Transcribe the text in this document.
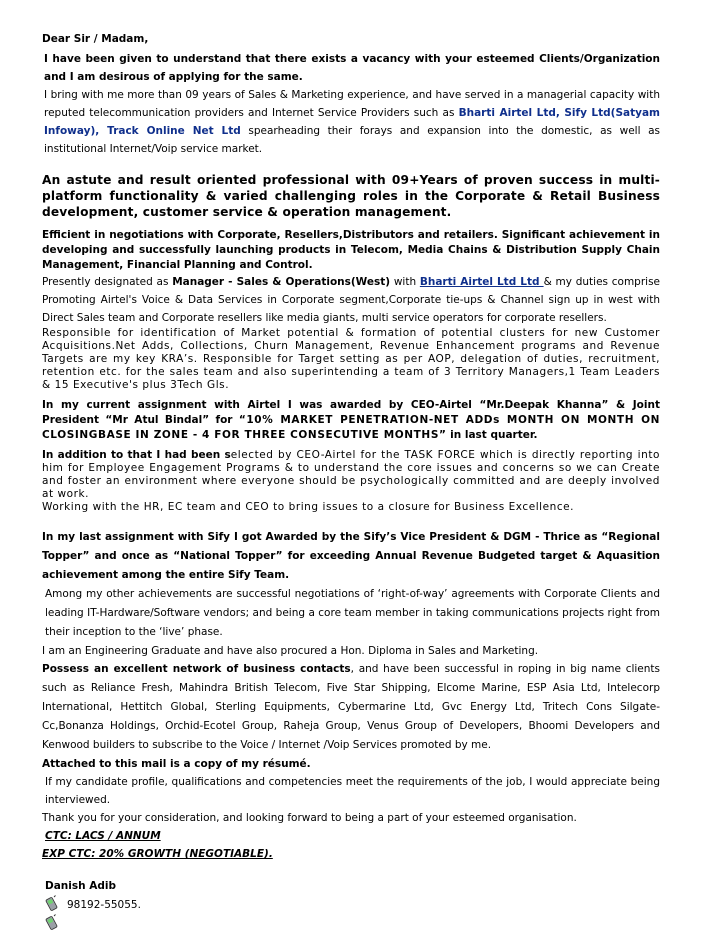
Dear Sir / Madam,

I have been given to understand that there exists a vacancy with your esteemed Clients/Organization and I am desirous of applying for the same.

I bring with me more than 09 years of Sales & Marketing experience, and have served in a managerial capacity with reputed telecommunication providers and Internet Service Providers such as Bharti Airtel Ltd, Sify Ltd(Satyam Infoway), Track Online Net Ltd spearheading their forays and expansion into the domestic, as well as institutional Internet/Voip service market.

An astute and result oriented professional with 09+Years of proven success in multi-platform functionality & varied challenging roles in the Corporate & Retail Business development, customer service & operation management.

Efficient in negotiations with Corporate, Resellers,Distributors and retailers. Significant achievement in developing and successfully launching products in Telecom, Media Chains & Distribution Supply Chain Management, Financial Planning and Control.

Presently designated as Manager - Sales & Operations(West) with Bharti Airtel Ltd Ltd & my duties comprise Promoting Airtel's Voice & Data Services in Corporate segment,Corporate tie-ups & Channel sign up in west with Direct Sales team and Corporate resellers like media giants, multi service operators for corporate resellers.

Responsible for identification of Market potential & formation of potential clusters for new Customer Acquisitions.Net Adds, Collections, Churn Management, Revenue Enhancement programs and Revenue Targets are my key KRA’s. Responsible for Target setting as per AOP, delegation of duties, recruitment, retention etc. for the sales team and also superintending a team of 3 Territory Managers,1 Team Leaders & 15 Executive's plus 3Tech Gls.

In my current assignment with Airtel I was awarded by CEO-Airtel “Mr.Deepak Khanna” & Joint President “Mr Atul Bindal” for “10% MARKET PENETRATION-NET ADDs MONTH ON MONTH ON CLOSINGBASE IN ZONE - 4 FOR THREE CONSECUTIVE MONTHS” in last quarter.

In addition to that I had been selected by CEO-Airtel for the TASK FORCE which is directly reporting into him for Employee Engagement Programs & to understand the core issues and concerns so we can Create and foster an environment where everyone should be psychologically committed and are deeply involved at work.

Working with the HR, EC team and CEO to bring issues to a closure for Business Excellence.

In my last assignment with Sify I got Awarded by the Sify’s Vice President & DGM - Thrice as “Regional Topper” and once as “National Topper” for exceeding Annual Revenue Budgeted target & Aquasition achievement among the entire Sify Team.

Among my other achievements are successful negotiations of ‘right-of-way’ agreements with Corporate Clients and leading IT-Hardware/Software vendors; and being a core team member in taking communications projects right from their inception to the ‘live’ phase.

I am an Engineering Graduate and have also procured a Hon. Diploma in Sales and Marketing.

Possess an excellent network of business contacts, and have been successful in roping in big name clients such as Reliance Fresh, Mahindra British Telecom, Five Star Shipping, Elcome Marine, ESP Asia Ltd, Intelecorp International, Hettitch Global, Sterling Equipments, Cybermarine Ltd, Gvc Energy Ltd, Tritech Cons Silgate-Cc,Bonanza Holdings, Orchid-Ecotel Group, Raheja Group, Venus Group of Developers, Bhoomi Developers and Kenwood builders to subscribe to the Voice / Internet /Voip Services promoted by me.

Attached to this mail is a copy of my résumé.

If my candidate profile, qualifications and competencies meet the requirements of the job, I would appreciate being interviewed.

Thank you for your consideration, and looking forward to being a part of your esteemed organisation.

CTC: LACS / ANNUM

EXP CTC: 20% GROWTH (NEGOTIABLE).

Danish Adib

98192-55055.
